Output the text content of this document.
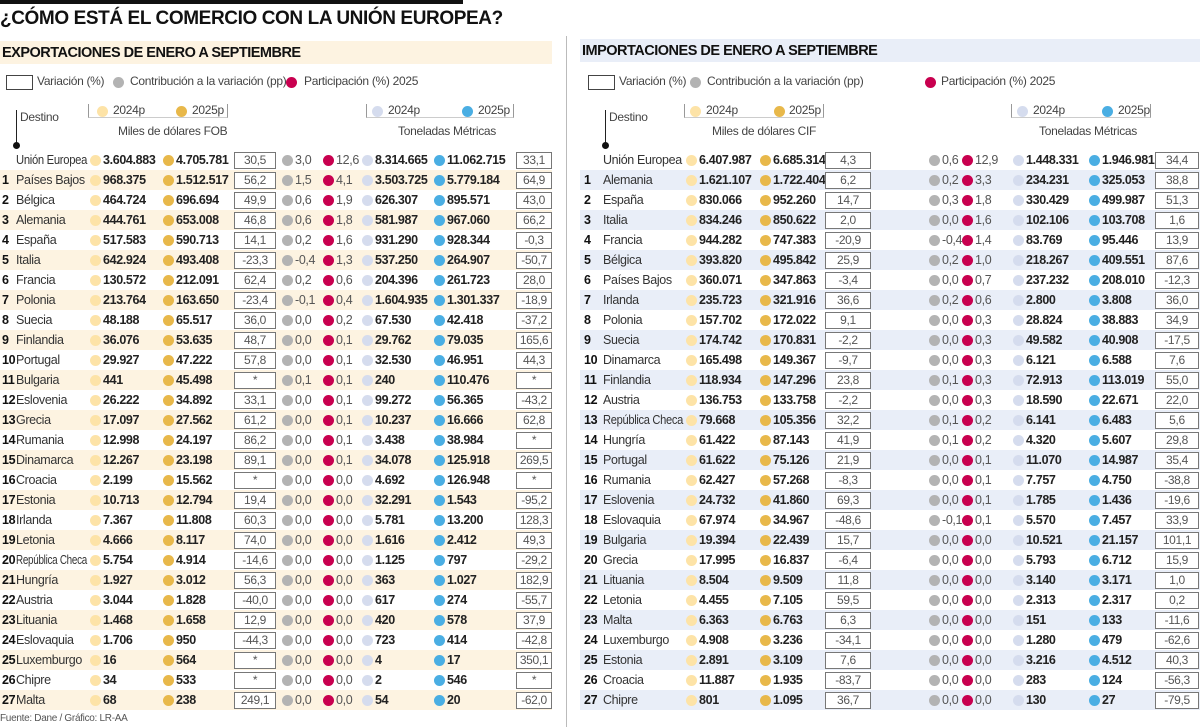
¿CÓMO ESTÁ EL COMERCIO CON LA UNIÓN EUROPEA?
EXPORTACIONES DE ENERO A SEPTIEMBRE	IMPORTACIONES DE ENERO A SEPTIEMBRE
Variación (%) Contribución a la variación (pp) Participación (%) 2025	Variación (%) Contribución a la variación (pp)	Participación (%) 2025
Destino	2024p	2025p
Miles de dólares FOB
2024p	2025p
Toneladas Métricas
Destino	2024p	2025p
Miles de dólares CIF
2024p	2025p
Toneladas Métricas
Unión Europea 3.604.883 4.705.781	30,5	3,0 12,6 8.314.665 11.062.715	33,1
1 Países Bajos 968.375 1.512.517	56,2	1,5 4,1 3.503.725 5.779.184	64,9
2 Bélgica	464.724 696.694	49,9	0,6 1,9 626.307 895.571	43,0
3 Alemania	444.761 653.008	46,8	0,6 1,8 581.987 967.060	66,2
4 España	517.583 590.713	14,1	0,2 1,6 931.290 928.344	-0,3
5 Italia	642.924 493.408	-23,3	-0,4 1,3 537.250 264.907	-50,7
6 Francia	130.572 212.091	62,4	0,2 0,6 204.396 261.723	28,0
7 Polonia	213.764 163.650	-23,4	-0,1 0,4 1.604.935 1.301.337	-18,9
8 Suecia	48.188	65.517	36,0	0,0 0,2 67.530	42.418	-37,2
9 Finlandia	36.076	53.635	48,7	0,0 0,1 29.762	79.035	165,6
10 Portugal	29.927	47.222	57,8	0,0 0,1 32.530	46.951	44,3
11 Bulgaria	441	45.498	*	0,1 0,1 240	110.476	*
12 Eslovenia	26.222	34.892	33,1	0,0 0,1 99.272	56.365	-43,2
13 Grecia	17.097	27.562	61,2	0,0 0,1 10.237	16.666	62,8
14 Rumania	12.998	24.197	86,2	0,0 0,1 3.438	38.984	*
15 Dinamarca 12.267	23.198	89,1	0,0 0,1 34.078	125.918	269,5
16 Croacia	2.199	15.562	*	0,0 0,0 4.692	126.948	*
17 Estonia	10.713	12.794	19,4	0,0 0,0 32.291	1.543	-95,2
18 Irlanda	7.367	11.808	60,3	0,0 0,0 5.781	13.200	128,3
19 Letonia	4.666	8.117	74,0	0,0 0,0 1.616	2.412	49,3
20 República Checa 5.754	4.914	-14,6	0,0 0,0 1.125	797	-29,2
21 Hungría	1.927	3.012	56,3	0,0 0,0 363	1.027	182,9
22 Austria	3.044	1.828	-40,0	0,0 0,0 617	274	-55,7
23 Lituania	1.468	1.658	12,9	0,0 0,0 420	578	37,9
24 Eslovaquia 1.706	950	-44,3	0,0 0,0 723	414	-42,8
25 Luxemburgo 16	564	*	0,0 0,0 4	17	350,1
26 Chipre	34	533	*	0,0 0,0 2	546	*
27 Malta	68	238	249,1	0,0 0,0 54	20	-62,0
Unión Europea 6.407.987 6.685.314	4,3	0,6 12,9 1.448.331 1.946.981 34,4
1 Alemania	1.621.107 1.722.404	6,2	0,2 3,3	234.231	325.053	38,8
2 España	830.066	952.260	14,7	0,3 1,8	330.429	499.987	51,3
3 Italia	834.246	850.622	2,0	0,0 1,6	102.106	103.708	1,6
4 Francia	944.282	747.383	-20,9	-0,4 1,4	83.769	95.446	13,9
5 Bélgica	393.820	495.842	25,9	0,2 1,0	218.267	409.551	87,6
6 Países Bajos 360.071	347.863	-3,4	0,0 0,7	237.232	208.010	-12,3
7 Irlanda	235.723	321.916	36,6	0,2 0,6	2.800	3.808	36,0
8 Polonia	157.702	172.022	9,1	0,0 0,3	28.824	38.883	34,9
9 Suecia	174.742	170.831	-2,2	0,0 0,3	49.582	40.908	-17,5
10 Dinamarca	165.498	149.367	-9,7	0,0 0,3	6.121	6.588	7,6
11 Finlandia	118.934	147.296	23,8	0,1 0,3	72.913	113.019	55,0
12 Austria	136.753	133.758	-2,2	0,0 0,3	18.590	22.671	22,0
13 República Checa 79.668	105.356	32,2	0,1 0,2	6.141	6.483	5,6
14 Hungría	61.422	87.143	41,9	0,1 0,2	4.320	5.607	29,8
15 Portugal	61.622	75.126	21,9	0,0 0,1	11.070	14.987	35,4
16 Rumania	62.427	57.268	-8,3	0,0 0,1	7.757	4.750	-38,8
17 Eslovenia	24.732	41.860	69,3	0,0 0,1	1.785	1.436	-19,6
18 Eslovaquia	67.974	34.967	-48,6	-0,1 0,1	5.570	7.457	33,9
19 Bulgaria	19.394	22.439	15,7	0,0 0,0	10.521	21.157	101,1
20 Grecia	17.995	16.837	-6,4	0,0 0,0	5.793	6.712	15,9
21 Lituania	8.504	9.509	11,8	0,0 0,0	3.140	3.171	1,0
22 Letonia	4.455	7.105	59,5	0,0 0,0	2.313	2.317	0,2
23 Malta	6.363	6.763	6,3	0,0 0,0	151	133	-11,6
24 Luxemburgo 4.908	3.236	-34,1	0,0 0,0	1.280	479	-62,6
25 Estonia	2.891	3.109	7,6	0,0 0,0	3.216	4.512	40,3
26 Croacia	11.887	1.935	-83,7	0,0 0,0	283	124	-56,3
27 Chipre	801	1.095	36,7	0,0 0,0	130	27	-79,5
Fuente: Dane / Gráfico: LR-AA
